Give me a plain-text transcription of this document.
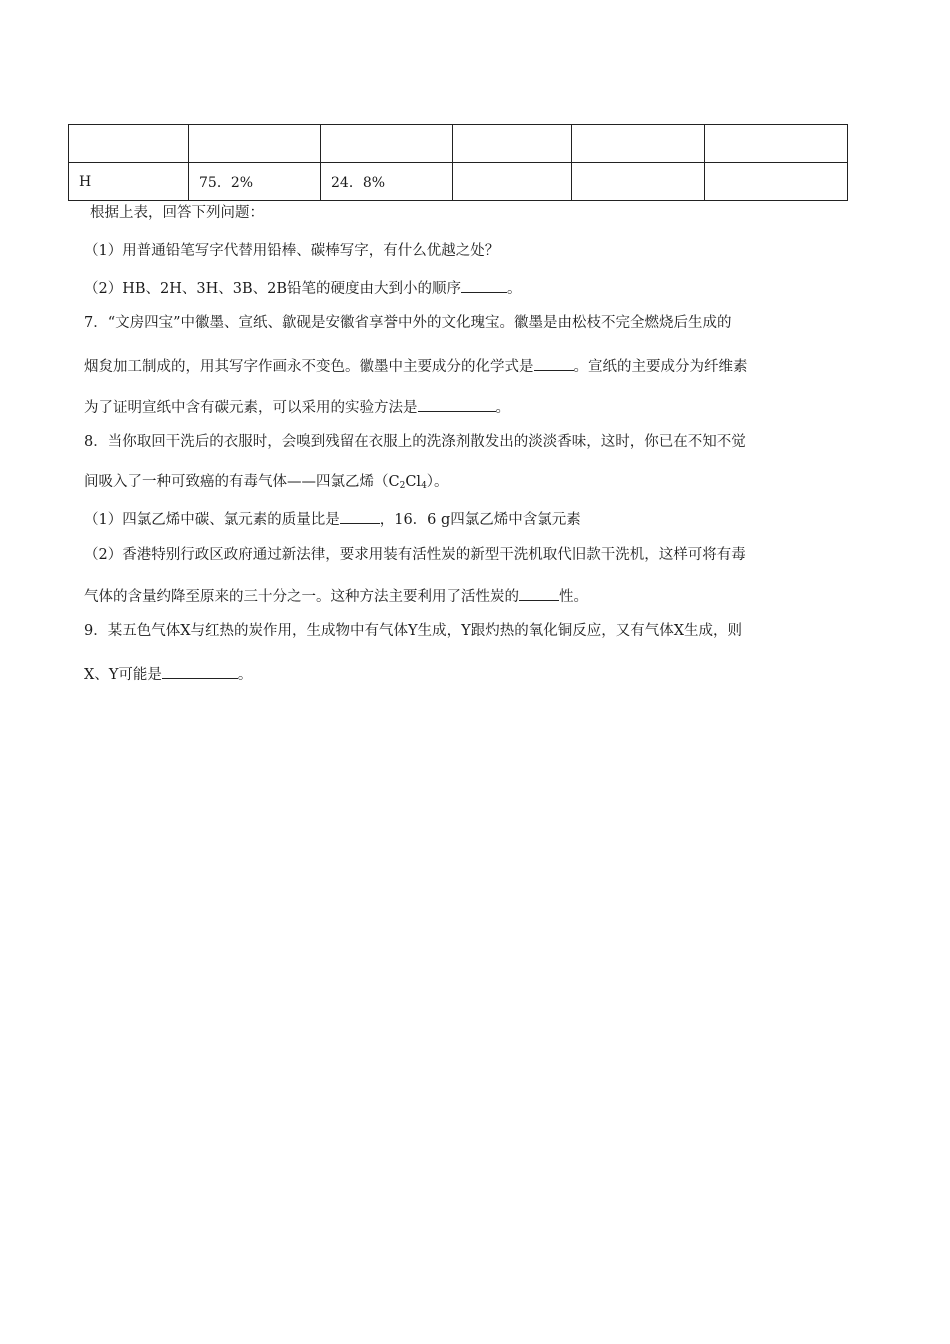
H	75．2%	24．8%			
根据上表，回答下列问题：
（1）用普通铅笔写字代替用铅棒、碳棒写字，有什么优越之处？
（2）HB、2H、3H、3B、2B铅笔的硬度由大到小的顺序	。
7．“文房四宝”中徽墨、宣纸、歙砚是安徽省享誉中外的文化瑰宝。徽墨是由松枝不完全燃烧后生成的
烟炱加工制成的，用其写字作画永不变色。徽墨中主要成分的化学式是	。宣纸的主要成分为纤维素
为了证明宣纸中含有碳元素，可以采用的实验方法是	。
8．当你取回干洗后的衣服时，会嗅到残留在衣服上的洗涤剂散发出的淡淡香味，这时，你已在不知不觉
间吸入了一种可致癌的有毒气体——四氯乙烯$(C_2Cl_4)$。
（1）四氯乙烯中碳、氯元素的质量比是	，16．6 g四氯乙烯中含氯元素
（2）香港特别行政区政府通过新法律，要求用装有活性炭的新型干洗机取代旧款干洗机，这样可将有毒
气体的含量约降至原来的三十分之一。这种方法主要利用了活性炭的	性。
9．某五色气体X与红热的炭作用，生成物中有气体Y生成，Y跟灼热的氧化铜反应，又有气体X生成，则
X、Y可能是	。
